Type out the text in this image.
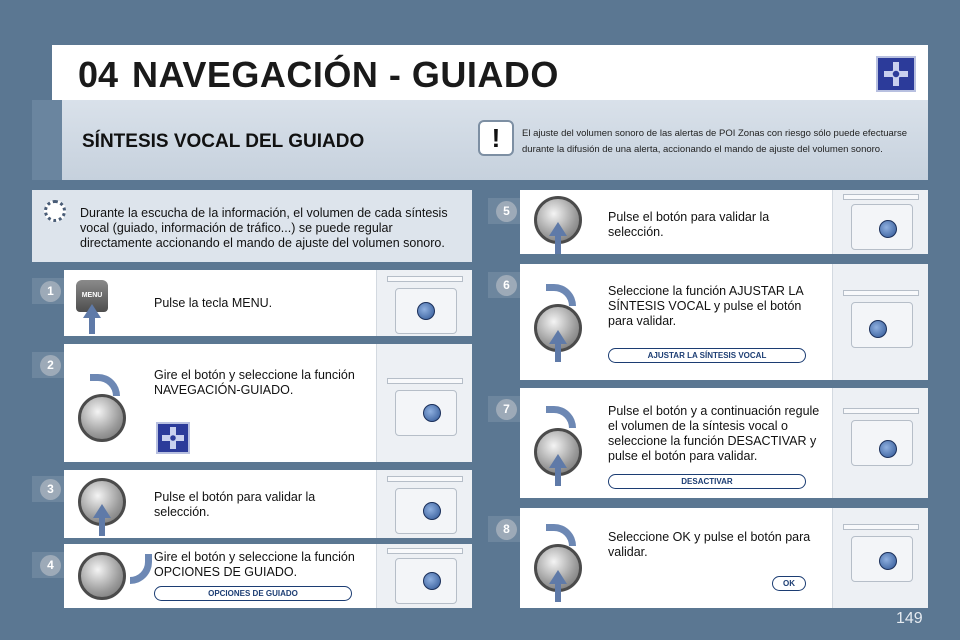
04 NAVEGACIÓN - GUIADO
SÍNTESIS VOCAL DEL GUIADO	!	El ajuste del volumen sonoro de las alertas de POI Zonas con riesgo sólo puede efectuarse durante la difusión de una alerta, accionando el mando de ajuste del volumen sonoro.
Durante la escucha de la información, el volumen de cada síntesis vocal (guiado, información de tráfico...) se puede regular directamente accionando el mando de ajuste del volumen sonoro.
1	MENU
Pulse la tecla MENU.
2
Gire el botón y seleccione la función NAVEGACIÓN-GUIADO.
3
Pulse el botón para validar la selección.
4
Gire el botón y seleccione la función OPCIONES DE GUIADO.
OPCIONES DE GUIADO
5	Pulse el botón para validar la selección.
6	Seleccione la función AJUSTAR LA SÍNTESIS VOCAL y pulse el botón para validar.
AJUSTAR LA SÍNTESIS VOCAL
7	Pulse el botón y a continuación regule el volumen de la síntesis vocal o seleccione la función DESACTIVAR y pulse el botón para validar.
DESACTIVAR
8
Seleccione OK y pulse el botón para validar.
OK
149
